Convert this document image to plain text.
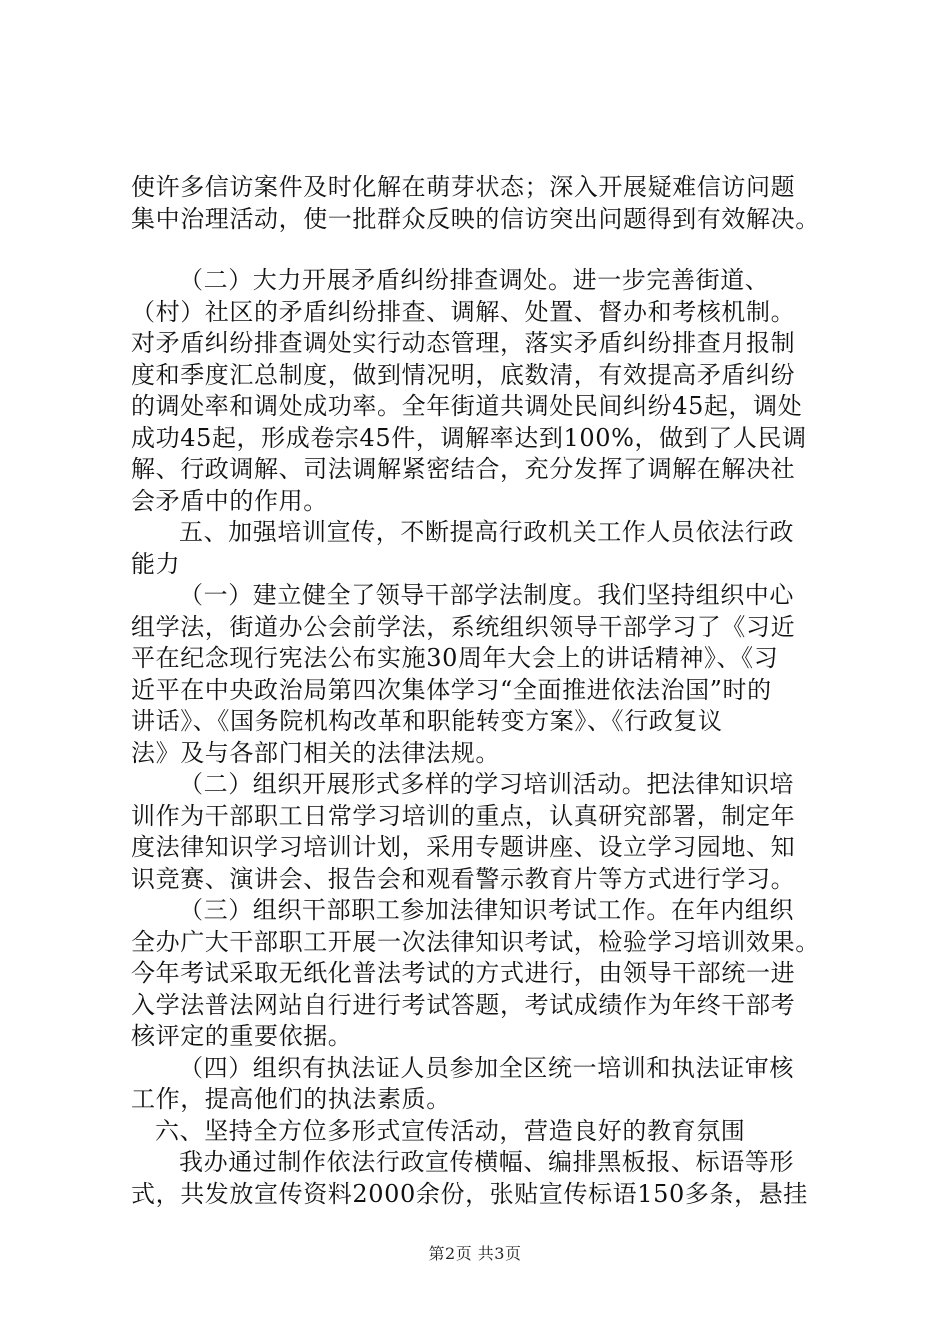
使许多信访案件及时化解在萌芽状态；深入开展疑难信访问题
集中治理活动，使一批群众反映的信访突出问题得到有效解决。
（二）大力开展矛盾纠纷排查调处。进一步完善街道、
（村）社区的矛盾纠纷排查、调解、处置、督办和考核机制。
对矛盾纠纷排查调处实行动态管理，落实矛盾纠纷排查月报制
度和季度汇总制度，做到情况明，底数清，有效提高矛盾纠纷
的调处率和调处成功率。全年街道共调处民间纠纷45起，调处
成功45起，形成卷宗45件，调解率达到100%，做到了人民调
解、行政调解、司法调解紧密结合，充分发挥了调解在解决社
会矛盾中的作用。
五、加强培训宣传，不断提高行政机关工作人员依法行政
能力
（一）建立健全了领导干部学法制度。我们坚持组织中心
组学法，街道办公会前学法，系统组织领导干部学习了《习近
平在纪念现行宪法公布实施30周年大会上的讲话精神》、《习
近平在中央政治局第四次集体学习“全面推进依法治国”时的
讲话》、《国务院机构改革和职能转变方案》、《行政复议
法》及与各部门相关的法律法规。
（二）组织开展形式多样的学习培训活动。把法律知识培
训作为干部职工日常学习培训的重点，认真研究部署，制定年
度法律知识学习培训计划，采用专题讲座、设立学习园地、知
识竞赛、演讲会、报告会和观看警示教育片等方式进行学习。
（三）组织干部职工参加法律知识考试工作。在年内组织
全办广大干部职工开展一次法律知识考试，检验学习培训效果。
今年考试采取无纸化普法考试的方式进行，由领导干部统一进
入学法普法网站自行进行考试答题，考试成绩作为年终干部考
核评定的重要依据。
（四）组织有执法证人员参加全区统一培训和执法证审核
工作，提高他们的执法素质。
六、坚持全方位多形式宣传活动，营造良好的教育氛围
我办通过制作依法行政宣传横幅、编排黑板报、标语等形
式，共发放宣传资料2000余份，张贴宣传标语150多条，悬挂
第2页 共3页
